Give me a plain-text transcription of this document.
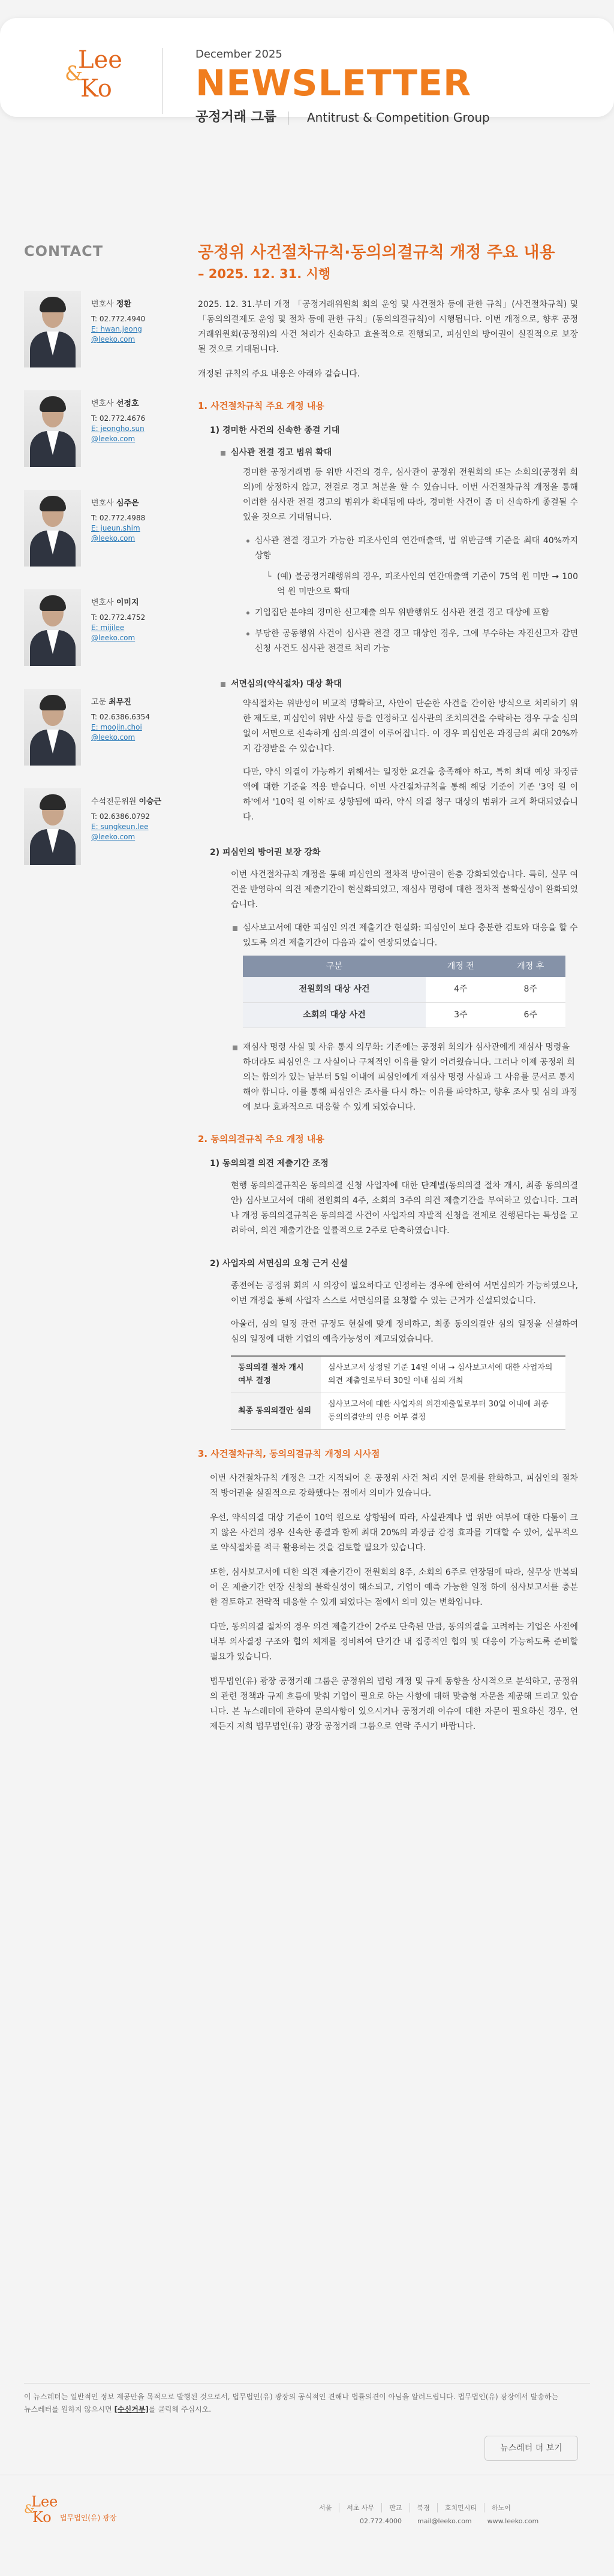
Lee
&
Ko
December 2025
NEWSLETTER
공정거래 그룹	Antitrust & Competition Group
CONTACT
변호사 정환
T: 02.772.4940
E: hwan.jeong
@leeko.com
변호사 선정호
T: 02.772.4676
E: jeongho.sun
@leeko.com
변호사 심주은
T: 02.772.4988
E: jueun.shim
@leeko.com
변호사 이미지
T: 02.772.4752
E: mijilee
@leeko.com
고문 최무진
T: 02.6386.6354
E: moojin.choi
@leeko.com
수석전문위원 이승근
T: 02.6386.0792
E: sungkeun.lee
@leeko.com
공정위 사건절차규칙·동의의결규칙 개정 주요 내용
– 2025. 12. 31. 시행
2025. 12. 31.부터 개정 「공정거래위원회 회의 운영 및 사건절차 등에 관한 규칙」(사건절차규칙) 및 「동의의결제도 운영 및 절차 등에 관한 규칙」(동의의결규칙)이 시행됩니다. 이번 개정으로, 향후 공정거래위원회(공정위)의 사건 처리가 신속하고 효율적으로 진행되고, 피심인의 방어권이 실질적으로 보장될 것으로 기대됩니다.
개정된 규칙의 주요 내용은 아래와 같습니다.
1. 사건절차규칙 주요 개정 내용
1) 경미한 사건의 신속한 종결 기대
심사관 전결 경고 범위 확대
경미한 공정거래법 등 위반 사건의 경우, 심사관이 공정위 전원회의 또는 소회의(공정위 회의)에 상정하지 않고, 전결로 경고 처분을 할 수 있습니다. 이번 사건절차규칙 개정을 통해 이러한 심사관 전결 경고의 범위가 확대됨에 따라, 경미한 사건이 좀 더 신속하게 종결될 수 있을 것으로 기대됩니다.
심사관 전결 경고가 가능한 피조사인의 연간매출액, 법 위반금액 기준을 최대 40%까지 상향
└ (예) 불공정거래행위의 경우, 피조사인의 연간매출액 기준이 75억 원 미만 → 100억 원 미만으로 확대
기업집단 분야의 경미한 신고제출 의무 위반행위도 심사관 전결 경고 대상에 포함
부당한 공동행위 사건이 심사관 전결 경고 대상인 경우, 그에 부수하는 자진신고자 감면신청 사건도 심사관 전결로 처리 가능
서면심의(약식절차) 대상 확대
약식절차는 위반성이 비교적 명확하고, 사안이 단순한 사건을 간이한 방식으로 처리하기 위한 제도로, 피심인이 위반 사실 등을 인정하고 심사관의 조치의견을 수락하는 경우 구술 심의 없이 서면으로 신속하게 심의·의결이 이루어집니다. 이 경우 피심인은 과징금의 최대 20%까지 감경받을 수 있습니다.
다만, 약식 의결이 가능하기 위해서는 일정한 요건을 충족해야 하고, 특히 최대 예상 과징금액에 대한 기준을 적용 받습니다. 이번 사건절차규칙을 통해 해당 기준이 기존 '3억 원 이하'에서 '10억 원 이하'로 상향됨에 따라, 약식 의결 청구 대상의 범위가 크게 확대되었습니다.
2) 피심인의 방어권 보장 강화
이번 사건절차규칙 개정을 통해 피심인의 절차적 방어권이 한층 강화되었습니다. 특히, 실무 여건을 반영하여 의견 제출기간이 현실화되었고, 재심사 명령에 대한 절차적 불확실성이 완화되었습니다.
심사보고서에 대한 피심인 의견 제출기간 현실화: 피심인이 보다 충분한 검토와 대응을 할 수 있도록 의견 제출기간이 다음과 같이 연장되었습니다.
구분	개정 전	개정 후
전원회의 대상 사건	4주	8주
소회의 대상 사건	3주	6주
재심사 명령 사실 및 사유 통지 의무화: 기존에는 공정위 회의가 심사관에게 재심사 명령을 하더라도 피심인은 그 사실이나 구체적인 이유를 알기 어려웠습니다. 그러나 이제 공정위 회의는 합의가 있는 날부터 5일 이내에 피심인에게 재심사 명령 사실과 그 사유를 문서로 통지해야 합니다. 이를 통해 피심인은 조사를 다시 하는 이유를 파악하고, 향후 조사 및 심의 과정에 보다 효과적으로 대응할 수 있게 되었습니다.
2. 동의의결규칙 주요 개정 내용
1) 동의의결 의견 제출기간 조정
현행 동의의결규칙은 동의의결 신청 사업자에 대한 단계별(동의의결 절차 개시, 최종 동의의결안) 심사보고서에 대해 전원회의 4주, 소회의 3주의 의견 제출기간을 부여하고 있습니다. 그러나 개정 동의의결규칙은 동의의결 사건이 사업자의 자발적 신청을 전제로 진행된다는 특성을 고려하여, 의견 제출기간을 일률적으로 2주로 단축하였습니다.
2) 사업자의 서면심의 요청 근거 신설
종전에는 공정위 회의 시 의장이 필요하다고 인정하는 경우에 한하여 서면심의가 가능하였으나, 이번 개정을 통해 사업자 스스로 서면심의를 요청할 수 있는 근거가 신설되었습니다.
아울러, 심의 일정 관련 규정도 현실에 맞게 정비하고, 최종 동의의결안 심의 일정을 신설하여 심의 일정에 대한 기업의 예측가능성이 제고되었습니다.
동의의결 절차 개시 여부 결정	심사보고서 상정일 기준 14일 이내 → 심사보고서에 대한 사업자의 의견 제출일로부터 30일 이내 심의 개최
최종 동의의결안 심의	심사보고서에 대한 사업자의 의견제출일로부터 30일 이내에 최종 동의의결안의 인용 여부 결정
3. 사건절차규칙, 동의의결규칙 개정의 시사점
이번 사건절차규칙 개정은 그간 지적되어 온 공정위 사건 처리 지연 문제를 완화하고, 피심인의 절차적 방어권을 실질적으로 강화했다는 점에서 의미가 있습니다.
우선, 약식의결 대상 기준이 10억 원으로 상향됨에 따라, 사실관계나 법 위반 여부에 대한 다툼이 크지 않은 사건의 경우 신속한 종결과 함께 최대 20%의 과징금 감경 효과를 기대할 수 있어, 실무적으로 약식절차를 적극 활용하는 것을 검토할 필요가 있습니다.
또한, 심사보고서에 대한 의견 제출기간이 전원회의 8주, 소회의 6주로 연장됨에 따라, 실무상 반복되어 온 제출기간 연장 신청의 불확실성이 해소되고, 기업이 예측 가능한 일정 하에 심사보고서를 충분한 검토하고 전략적 대응할 수 있게 되었다는 점에서 의미 있는 변화입니다.
다만, 동의의결 절차의 경우 의견 제출기간이 2주로 단축된 만큼, 동의의결을 고려하는 기업은 사전에 내부 의사결정 구조와 협의 체계를 정비하여 단기간 내 집중적인 협의 및 대응이 가능하도록 준비할 필요가 있습니다.
법무법인(유) 광장 공정거래 그룹은 공정위의 법령 개정 및 규제 동향을 상시적으로 분석하고, 공정위의 관련 정책과 규제 흐름에 맞춰 기업이 필요로 하는 사항에 대해 맞춤형 자문을 제공해 드리고 있습니다. 본 뉴스레터에 관하여 문의사항이 있으시거나 공정거래 이슈에 대한 자문이 필요하신 경우, 언제든지 저희 법무법인(유) 광장 공정거래 그룹으로 연락 주시기 바랍니다.
이 뉴스레터는 일반적인 정보 제공만을 목적으로 발행된 것으로서, 법무법인(유) 광장의 공식적인 견해나 법률의견이 아님을 알려드립니다. 법무법인(유) 광장에서 발송하는
뉴스레터를 원하지 않으시면 [수신거부]를 클릭해 주십시오.
뉴스레터 더 보기
Lee
&
Ko 법무법인(유) 광장
서울	서초 사무	판교	북경	호치민시티	하노이
02.772.4000 mail@leeko.com www.leeko.com
